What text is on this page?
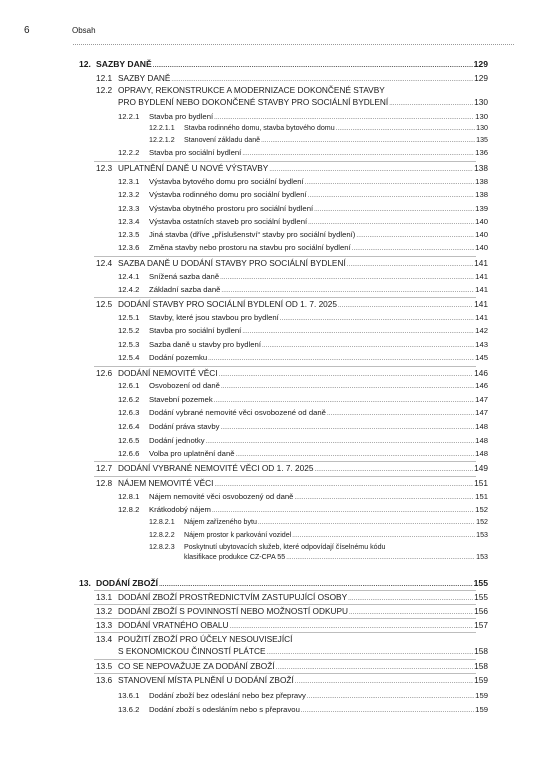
6	Obsah
12. SAZBY DANĚ .....	129
12.1 SAZBY DANĚ .....	129
12.2 OPRAVY, REKONSTRUKCE A MODERNIZACE DOKONČENÉ STAVBY
PRO BYDLENÍ NEBO DOKONČENÉ STAVBY PRO SOCIÁLNÍ BYDLENÍ .....	130
12.2.1 Stavba pro bydlení .....	130
12.2.1.1 Stavba rodinného domu, stavba bytového domu .....	130
12.2.1.2 Stanovení základu daně .....	135
12.2.2 Stavba pro sociální bydlení .....	136
12.3 UPLATNĚNÍ DANĚ U NOVÉ VÝSTAVBY .....	138
12.3.1 Výstavba bytového domu pro sociální bydlení .....	138
12.3.2 Výstavba rodinného domu pro sociální bydlení .....	138
12.3.3 Výstavba obytného prostoru pro sociální bydlení .....	139
12.3.4 Výstavba ostatních staveb pro sociální bydlení .....	140
12.3.5 Jiná stavba (dříve „příslušenství“ stavby pro sociální bydlení) .....	140
12.3.6 Změna stavby nebo prostoru na stavbu pro sociální bydlení .....	140
12.4 SAZBA DANĚ U DODÁNÍ STAVBY PRO SOCIÁLNÍ BYDLENÍ .....	141
12.4.1 Snížená sazba daně .....	141
12.4.2 Základní sazba daně .....	141
12.5 DODÁNÍ STAVBY PRO SOCIÁLNÍ BYDLENÍ OD 1. 7. 2025 .....	141
12.5.1 Stavby, které jsou stavbou pro bydlení .....	141
12.5.2 Stavba pro sociální bydlení .....	142
12.5.3 Sazba daně u stavby pro bydlení .....	143
12.5.4 Dodání pozemku .....	145
12.6 DODÁNÍ NEMOVITÉ VĚCI .....	146
12.6.1 Osvobození od daně .....	146
12.6.2 Stavební pozemek .....	147
12.6.3 Dodání vybrané nemovité věci osvobozené od daně .....	147
12.6.4 Dodání práva stavby .....	148
12.6.5 Dodání jednotky .....	148
12.6.6 Volba pro uplatnění daně .....	148
12.7 DODÁNÍ VYBRANÉ NEMOVITÉ VĚCI OD 1. 7. 2025 .....	149
12.8 NÁJEM NEMOVITÉ VĚCI .....	151
12.8.1 Nájem nemovité věci osvobozený od daně .....	151
12.8.2 Krátkodobý nájem .....	152
12.8.2.1 Nájem zařízeného bytu .....	152
12.8.2.2 Nájem prostor k parkování vozidel .....	153
12.8.2.3 Poskytnutí ubytovacích služeb, které odpovídají číselnému kódu
klasifikace produkce CZ-CPA 55 .....	153
13. DODÁNÍ ZBOŽÍ .....	155
13.1 DODÁNÍ ZBOŽÍ PROSTŘEDNICTVÍM ZASTUPUJÍCÍ OSOBY .....	155
13.2 DODÁNÍ ZBOŽÍ S POVINNOSTÍ NEBO MOŽNOSTÍ ODKUPU .....	156
13.3 DODÁNÍ VRATNÉHO OBALU .....	157
13.4 POUŽITÍ ZBOŽÍ PRO ÚČELY NESOUVISEJÍCÍ
S EKONOMICKOU ČINNOSTÍ PLÁTCE .....	158
13.5 CO SE NEPOVAŽUJE ZA DODÁNÍ ZBOŽÍ .....	158
13.6 STANOVENÍ MÍSTA PLNĚNÍ U DODÁNÍ ZBOŽÍ .....	159
13.6.1 Dodání zboží bez odeslání nebo bez přepravy .....	159
13.6.2 Dodání zboží s odesláním nebo s přepravou .....	159
